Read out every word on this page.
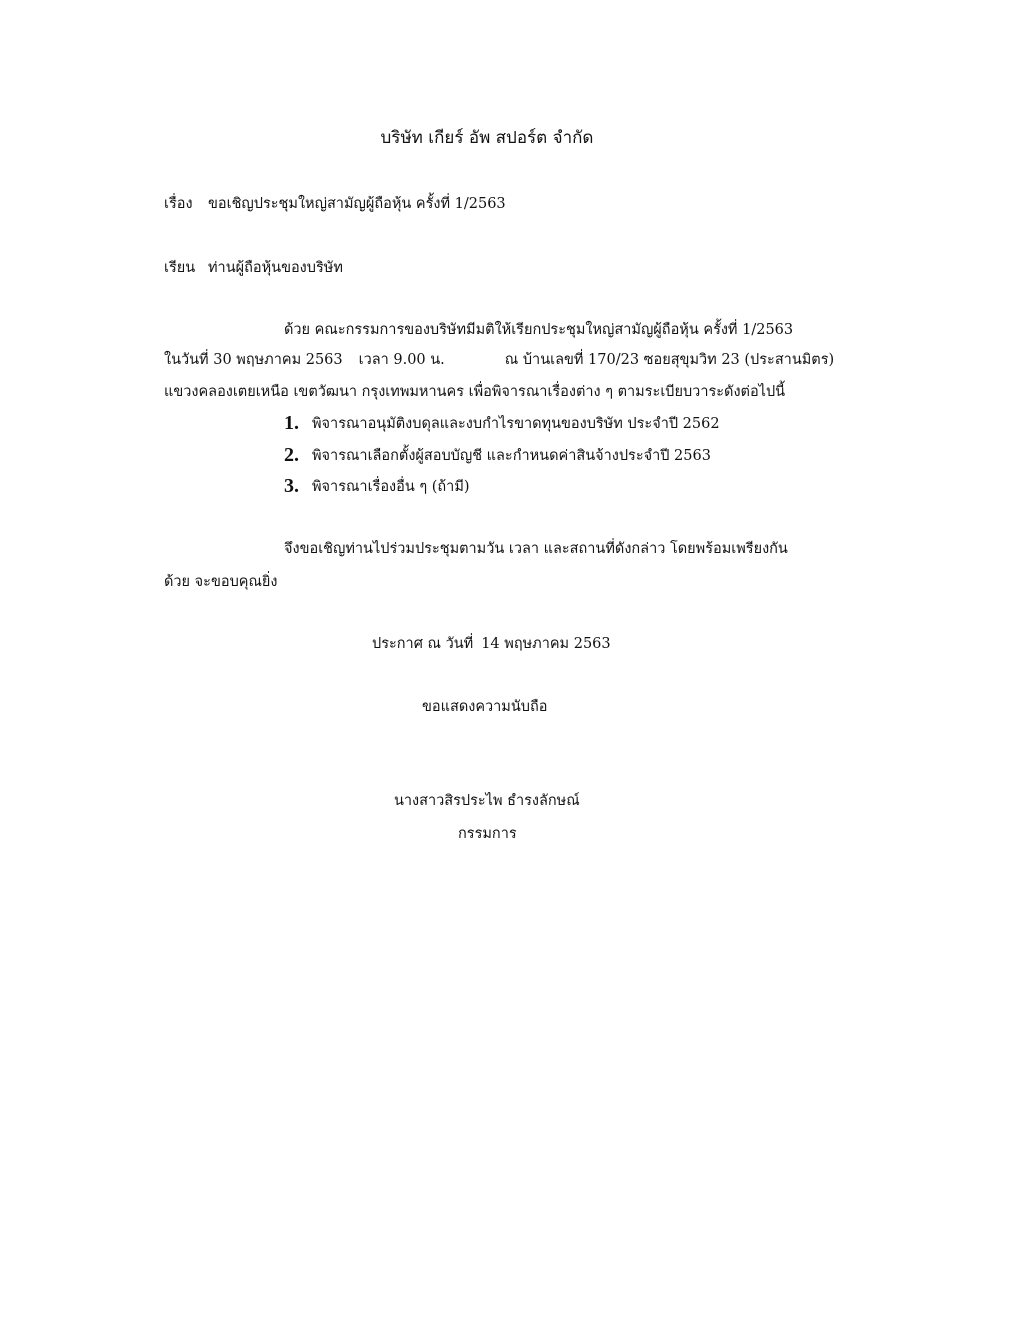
บริษัท เกียร์ อัพ สปอร์ต จำกัด
เรื่อง ขอเชิญประชุมใหญ่สามัญผู้ถือหุ้น ครั้งที่ 1/2563
เรียน ท่านผู้ถือหุ้นของบริษัท
ด้วย คณะกรรมการของบริษัทมีมติให้เรียกประชุมใหญ่สามัญผู้ถือหุ้น ครั้งที่ 1/2563
ในวันที่ 30 พฤษภาคม 2563 เวลา 9.00 น.	ณ บ้านเลขที่ 170/23 ซอยสุขุมวิท 23 (ประสานมิตร)
แขวงคลองเตยเหนือ เขตวัฒนา กรุงเทพมหานคร เพื่อพิจารณาเรื่องต่าง ๆ ตามระเบียบวาระดังต่อไปนี้
1. พิจารณาอนุมัติงบดุลและงบกำไรขาดทุนของบริษัท ประจำปี 2562
2. พิจารณาเลือกตั้งผู้สอบบัญชี และกำหนดค่าสินจ้างประจำปี 2563
3. พิจารณาเรื่องอื่น ๆ (ถ้ามี)
จึงขอเชิญท่านไปร่วมประชุมตามวัน เวลา และสถานที่ดังกล่าว โดยพร้อมเพรียงกัน
ด้วย จะขอบคุณยิ่ง
ประกาศ ณ วันที่ 14 พฤษภาคม 2563
ขอแสดงความนับถือ
นางสาวสิรประไพ ธำรงลักษณ์
กรรมการ
